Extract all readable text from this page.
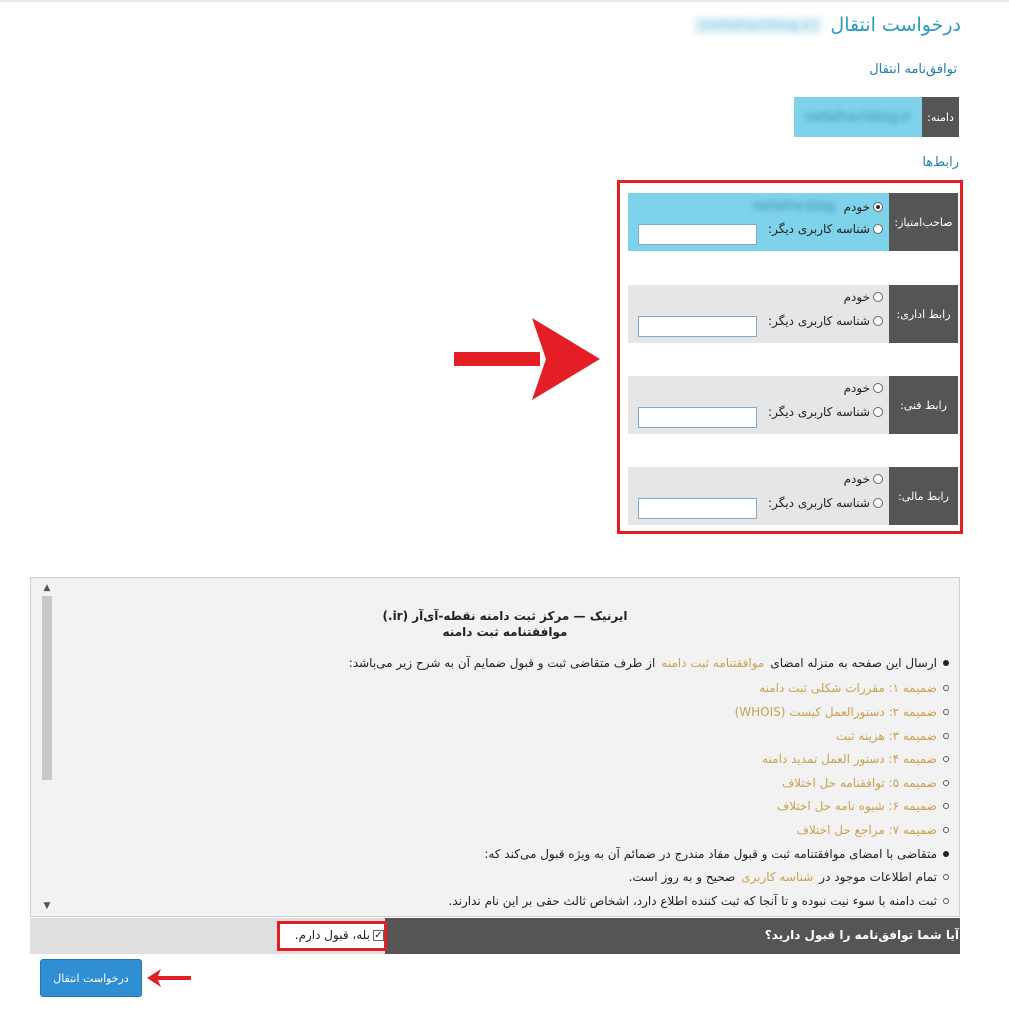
درخواست انتقال
(nellafrachblog.ir)
توافق‌نامه انتقال
دامنه:
nellafrachblog.ir
رابط‌ها
صاحب‌امتیاز:
خودم
nellafra-blog
شناسه کاربری دیگر:
رابط اداری:
خودم
شناسه کاربری دیگر:
رابط فنی:
خودم
شناسه کاربری دیگر:
رابط مالی:
خودم
شناسه کاربری دیگر:
▲
▼
ایرنیک — مرکز ثبت دامنه نقطه-آی‌آر (ir.)
موافقتنامه ثبت دامنه
ارسال این صفحه به منزله امضای
موافقتنامه ثبت دامنه
از طرف متقاضی ثبت و قبول ضمایم آن به شرح زیر می‌باشد:
ضمیمه ۱: مقررات شکلی ثبت دامنه
ضمیمه ۲: دستورالعمل کیست (WHOIS)
ضمیمه ۳: هزینه ثبت
ضمیمه ۴: دستور العمل تمدید دامنه
ضمیمه ۵: توافقنامه حل اختلاف
ضمیمه ۶: شیوه نامه حل اختلاف
ضمیمه ۷: مراجع حل اختلاف
متقاضی با امضای موافقتنامه ثبت و قبول مفاد مندرج در ضمائم آن به ویژه قبول می‌کند که:
تمام اطلاعات موجود در
شناسه کاربری
صحیح و به روز است.
ثبت دامنه با سوء نیت نبوده و تا آنجا که ثبت کننده اطلاع دارد، اشخاص ثالث حقی بر این نام ندارند.
آیا شما توافق‌نامه را قبول دارید؟
✓
بله، قبول دارم.
درخواست انتقال
